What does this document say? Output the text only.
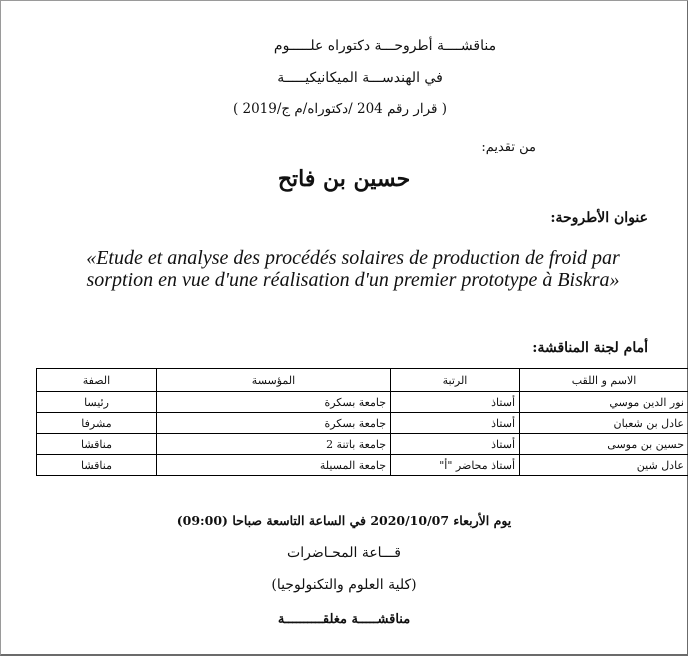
مناقشــــة أطروحـــة دكتوراه علـــــوم
في الهندســـة الميكانيكيـــــة
( قرار رقم 204 /دكتوراه/م ج/2019 )
من تقديم:
حسين بن فاتح
عنوان الأطروحة:
«Etude et analyse des procédés solaires de production de froid par sorption en vue d'une réalisation d'un premier prototype à Biskra»
أمام لجنة المناقشة:
الاسم و اللقب	الرتبة	المؤسسة	الصفة
نور الدين موسي	أستاذ	جامعة بسكرة	رئيسا
عادل بن شعبان	أستاذ	جامعة بسكرة	مشرفا
حسين بن موسى	أستاذ	جامعة باتنة 2	مناقشا
عادل شين	أستاذ محاضر "أ"	جامعة المسيلة	مناقشا
يوم الأربعاء 2020/10/07 في الساعة التاسعة صباحا (09:00)
قـــاعة المحـاضرات
(كلية العلوم والتكنولوجيا)
مناقشـــــة مغلقــــــــــة
